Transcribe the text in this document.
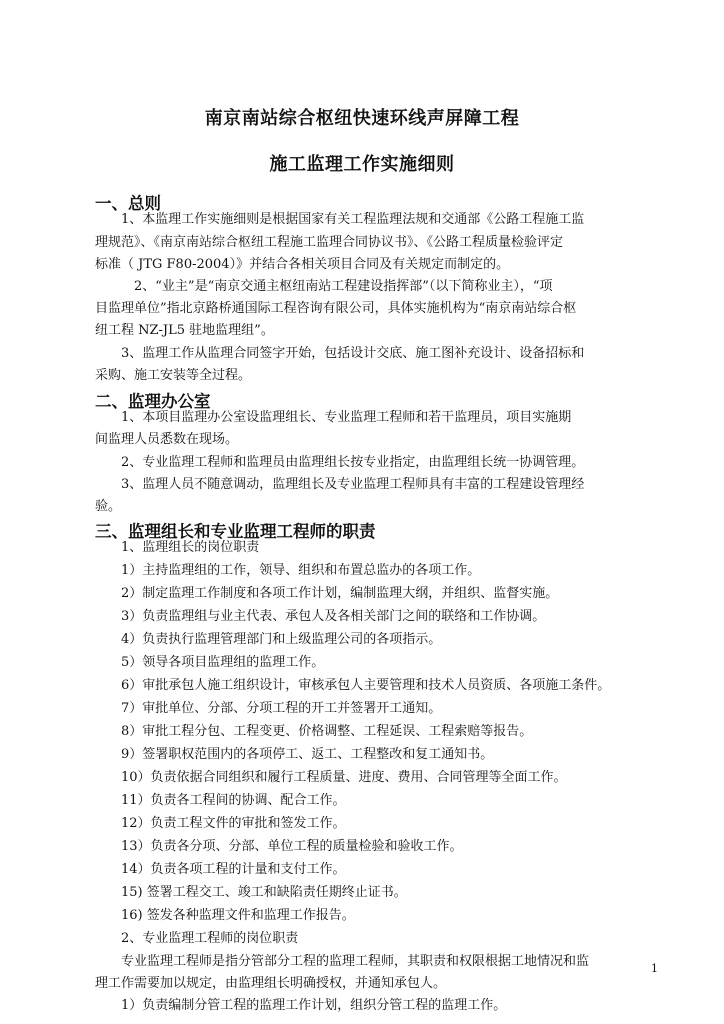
南京南站综合枢纽快速环线声屏障工程
施工监理工作实施细则
一、总则
1、本监理工作实施细则是根据国家有关工程监理法规和交通部《公路工程施工监
理规范》、《南京南站综合枢纽工程施工监理合同协议书》、《公路工程质量检验评定
标准（ JTG F80-2004）》并结合各相关项目合同及有关规定而制定的。
2、“业主”是“南京交通主枢纽南站工程建设指挥部”（以下简称业主），“项
目监理单位”指北京路桥通国际工程咨询有限公司，具体实施机构为“南京南站综合枢
纽工程 NZ-JL5 驻地监理组”。
3、监理工作从监理合同签字开始，包括设计交底、施工图补充设计、设备招标和
采购、施工安装等全过程。
二、监理办公室
1、本项目监理办公室设监理组长、专业监理工程师和若干监理员，项目实施期
间监理人员悉数在现场。
2、专业监理工程师和监理员由监理组长按专业指定，由监理组长统一协调管理。
3、监理人员不随意调动，监理组长及专业监理工程师具有丰富的工程建设管理经
验。
三、监理组长和专业监理工程师的职责
1、监理组长的岗位职责
1）主持监理组的工作，领导、组织和布置总监办的各项工作。
2）制定监理工作制度和各项工作计划，编制监理大纲，并组织、监督实施。
3）负责监理组与业主代表、承包人及各相关部门之间的联络和工作协调。
4）负责执行监理管理部门和上级监理公司的各项指示。
5）领导各项目监理组的监理工作。
6）审批承包人施工组织设计，审核承包人主要管理和技术人员资质、各项施工条件。
7）审批单位、分部、分项工程的开工并签署开工通知。
8）审批工程分包、工程变更、价格调整、工程延误、工程索赔等报告。
9）签署职权范围内的各项停工、返工、工程整改和复工通知书。
10）负责依据合同组织和履行工程质量、进度、费用、合同管理等全面工作。
11）负责各工程间的协调、配合工作。
12）负责工程文件的审批和签发工作。
13）负责各分项、分部、单位工程的质量检验和验收工作。
14）负责各项工程的计量和支付工作。
15) 签署工程交工、竣工和缺陷责任期终止证书。
16) 签发各种监理文件和监理工作报告。
2、专业监理工程师的岗位职责
专业监理工程师是指分管部分工程的监理工程师，其职责和权限根据工地情况和监
理工作需要加以规定，由监理组长明确授权，并通知承包人。
1）负责编制分管工程的监理工作计划，组织分管工程的监理工作。
1
